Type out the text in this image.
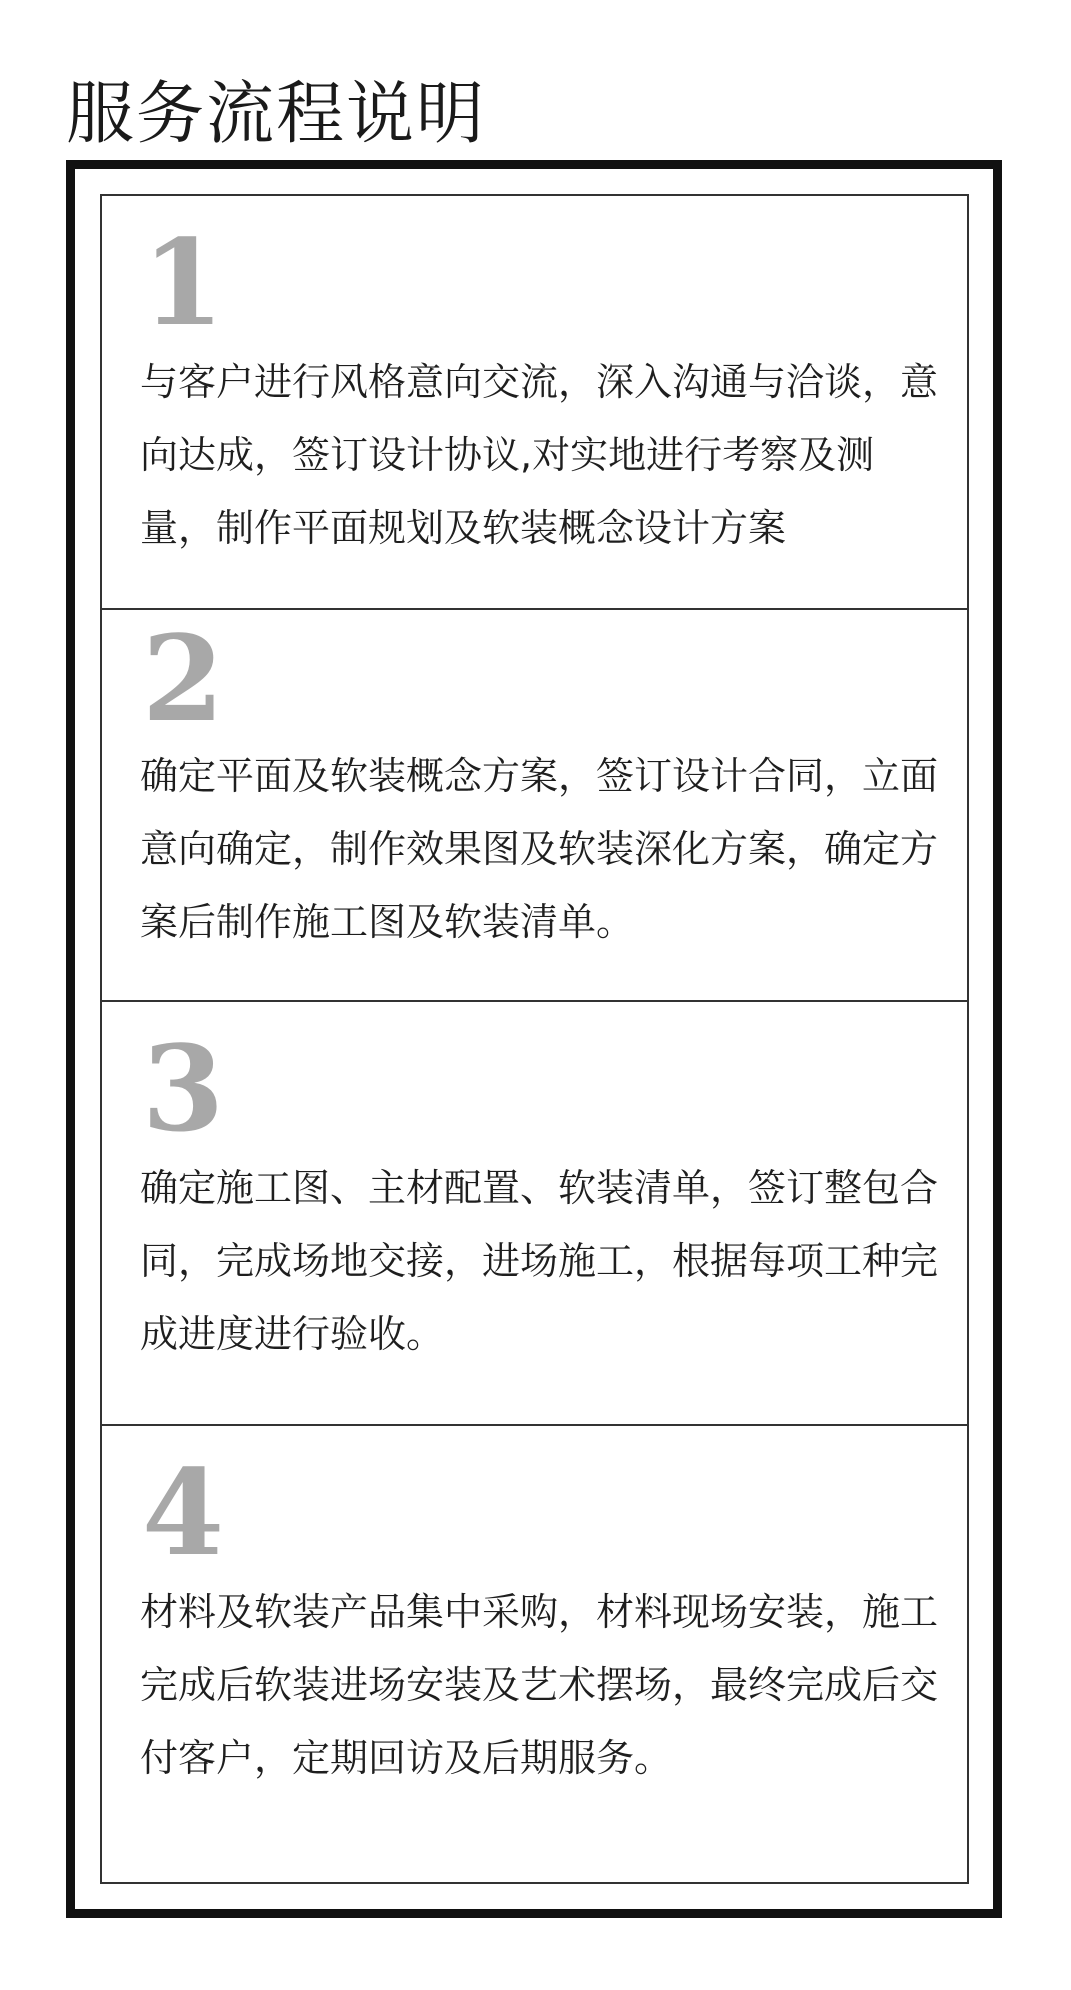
服务流程说明
1

与客户进行风格意向交流，深入沟通与洽谈，意向达成，签订设计协议,对实地进行考察及测量，制作平面规划及软装概念设计方案

2

确定平面及软装概念方案，签订设计合同，立面意向确定，制作效果图及软装深化方案，确定方案后制作施工图及软装清单。

3

确定施工图、主材配置、软装清单，签订整包合同，完成场地交接，进场施工，根据每项工种完成进度进行验收。

4

材料及软装产品集中采购，材料现场安装，施工完成后软装进场安装及艺术摆场，最终完成后交付客户，定期回访及后期服务。
